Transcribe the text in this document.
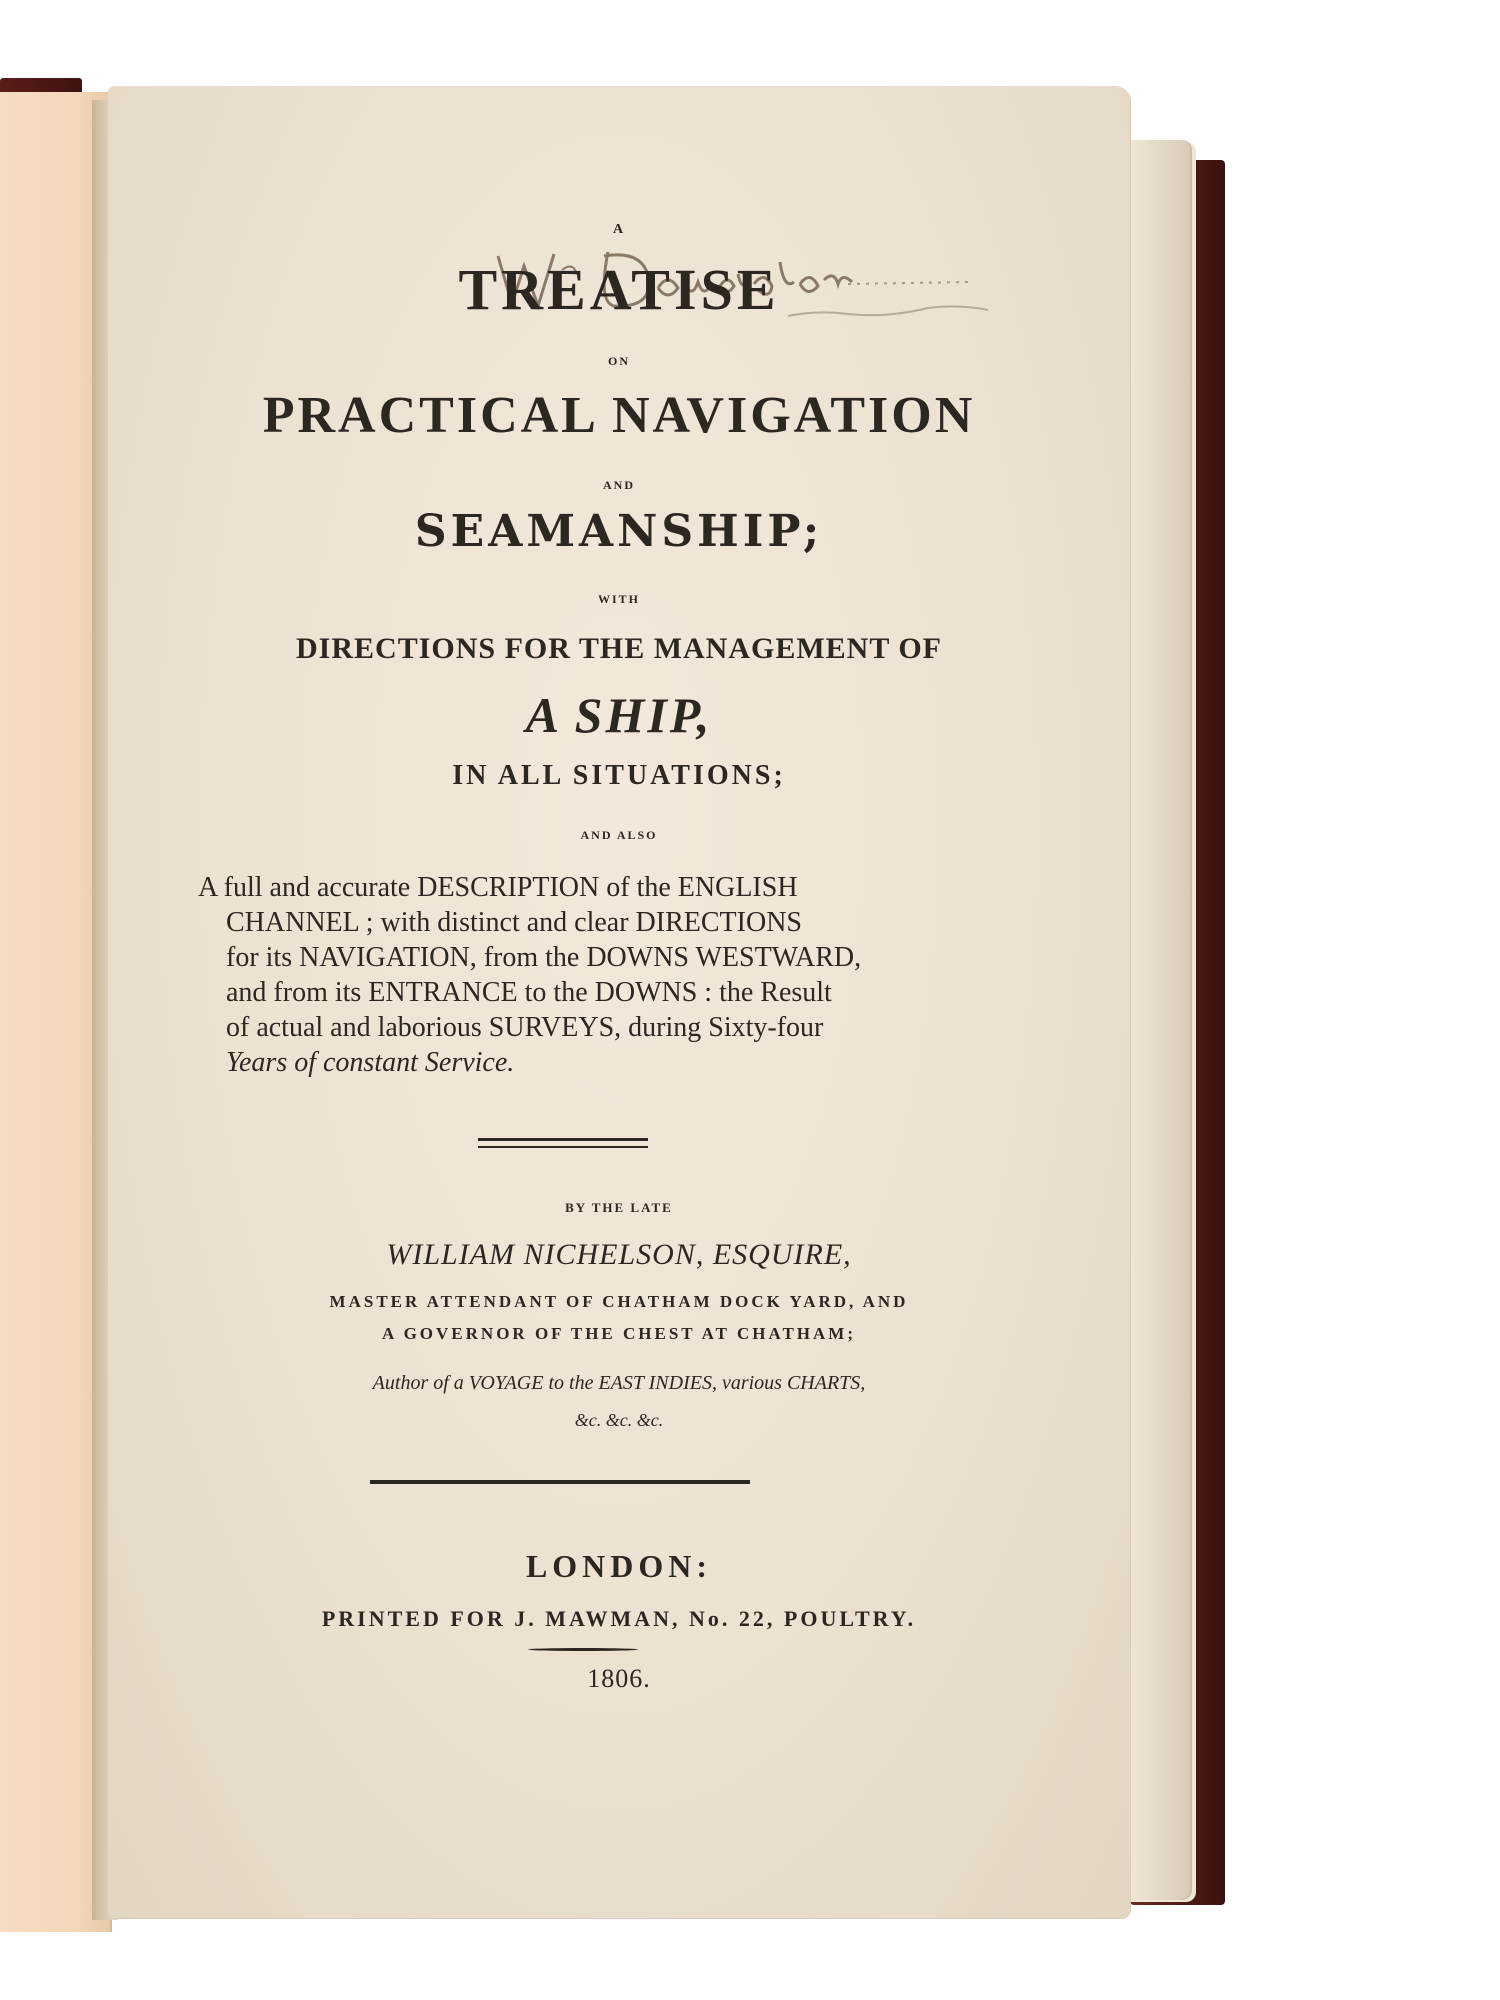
A
TREATISE
ON
PRACTICAL NAVIGATION
AND
SEAMANSHIP;
WITH
DIRECTIONS FOR THE MANAGEMENT OF
A SHIP,
IN ALL SITUATIONS;
AND ALSO
A full and accurate DESCRIPTION of the ENGLISH
CHANNEL ; with distinct and clear DIRECTIONS
for its NAVIGATION, from the DOWNS WESTWARD,
and from its ENTRANCE to the DOWNS : the Result
of actual and laborious SURVEYS, during Sixty-four
Years of constant Service.
BY THE LATE
WILLIAM NICHELSON, ESQUIRE,
MASTER ATTENDANT OF CHATHAM DOCK YARD, AND
A GOVERNOR OF THE CHEST AT CHATHAM;
Author of a VOYAGE to the EAST INDIES, various CHARTS,
&c. &c. &c.
LONDON:
PRINTED FOR J. MAWMAN, No. 22, POULTRY.
1806.
